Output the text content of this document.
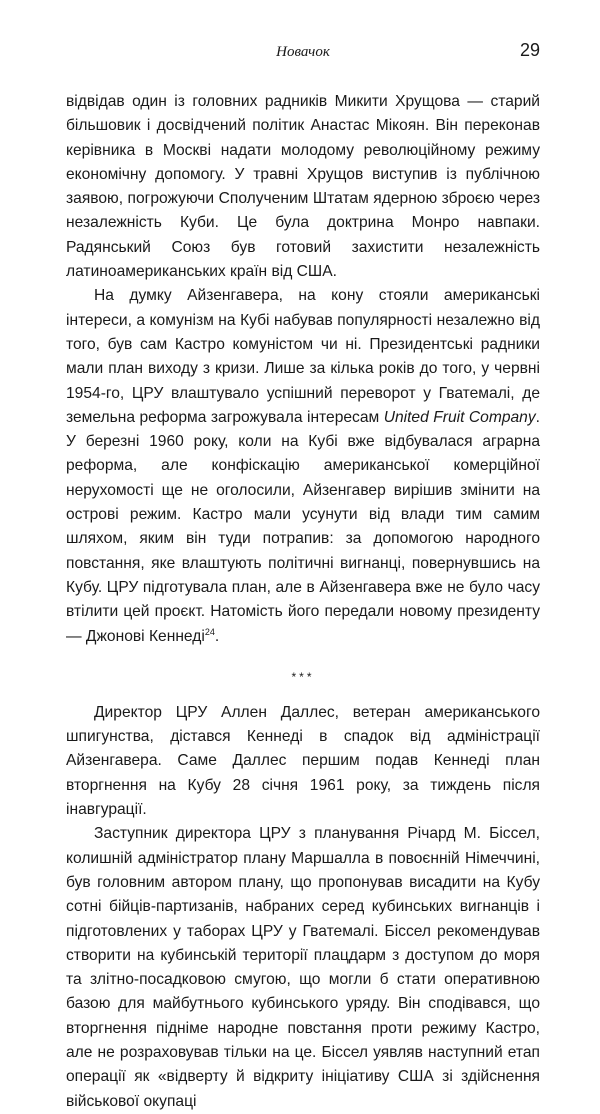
Новачок	29

відвідав один із головних радників Микити Хрущова — старий більшовик і досвідчений політик Анастас Мікоян. Він переконав керівника в Москві надати молодому революційному режиму економічну допомогу. У травні Хрущов виступив із публічною заявою, погрожуючи Сполученим Штатам ядерною зброєю через незалежність Куби. Це була доктрина Монро навпаки. Радянський Союз був готовий захистити незалежність латиноамериканських країн від США.

На думку Айзенгавера, на кону стояли американські інтереси, а комунізм на Кубі набував популярності незалежно від того, був сам Кастро комуністом чи ні. Президентські радники мали план виходу з кризи. Лише за кілька років до того, у червні 1954-го, ЦРУ влаштувало успішний переворот у Гватемалі, де земельна реформа загрожувала інтересам United Fruit Company. У березні 1960 року, коли на Кубі вже відбувалася аграрна реформа, але конфіскацію американської комерційної нерухомості ще не оголосили, Айзенгавер вирішив змінити на острові режим. Кастро мали усунути від влади тим самим шляхом, яким він туди потрапив: за допомогою народного повстання, яке влаштують політичні вигнанці, повернувшись на Кубу. ЦРУ підготувала план, але в Айзенгавера вже не було часу втілити цей проєкт. Натомість його передали новому президенту — Джонові Кеннеді$^{24}$.

***

Директор ЦРУ Аллен Даллес, ветеран американського шпигунства, дістався Кеннеді в спадок від адміністрації Айзенгавера. Саме Даллес першим подав Кеннеді план вторгнення на Кубу 28 січня 1961 року, за тиждень після інавгурації.

Заступник директора ЦРУ з планування Річард М. Біссел, колишній адміністратор плану Маршалла в повоєнній Німеччині, був головним автором плану, що пропонував висадити на Кубу сотні бійців-партизанів, набраних серед кубинських вигнанців і підготовлених у таборах ЦРУ у Гватемалі. Біссел рекомендував створити на кубинській території плацдарм з доступом до моря та злітно-посадковою смугою, що могли б стати оперативною базою для майбутнього кубинського уряду. Він сподівався, що вторгнення підніме народне повстання проти режиму Кастро, але не розраховував тільки на це. Біссел уявляв наступний етап операції як «відверту й відкриту ініціативу США зі здійснення військової окупаці
